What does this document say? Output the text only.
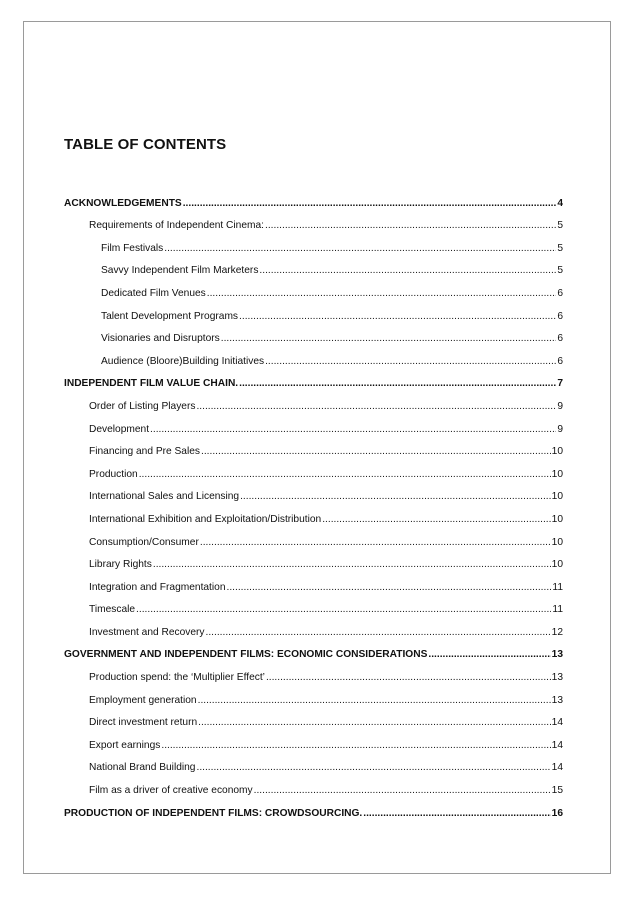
TABLE OF CONTENTS
ACKNOWLEDGEMENTS .....	4
Requirements of Independent Cinema: .....	5
Film Festivals .....	5
Savvy Independent Film Marketers .....	5
Dedicated Film Venues .....	6
Talent Development Programs .....	6
Visionaries and Disruptors .....	6
Audience (Bloore)Building Initiatives .....	6
INDEPENDENT FILM VALUE CHAIN. .....	7
Order of Listing Players .....	9
Development .....	9
Financing and Pre Sales .....	10
Production .....	10
International Sales and Licensing .....	10
International Exhibition and Exploitation/Distribution .....	10
Consumption/Consumer .....	10
Library Rights .....	10
Integration and Fragmentation .....	11
Timescale .....	11
Investment and Recovery .....	12
GOVERNMENT AND INDEPENDENT FILMS: ECONOMIC CONSIDERATIONS .....	13
Production spend: the ‘Multiplier Effect’ .....	13
Employment generation .....	13
Direct investment return .....	14
Export earnings .....	14
National Brand Building .....	14
Film as a driver of creative economy .....	15
PRODUCTION OF INDEPENDENT FILMS: CROWDSOURCING. .....	16
